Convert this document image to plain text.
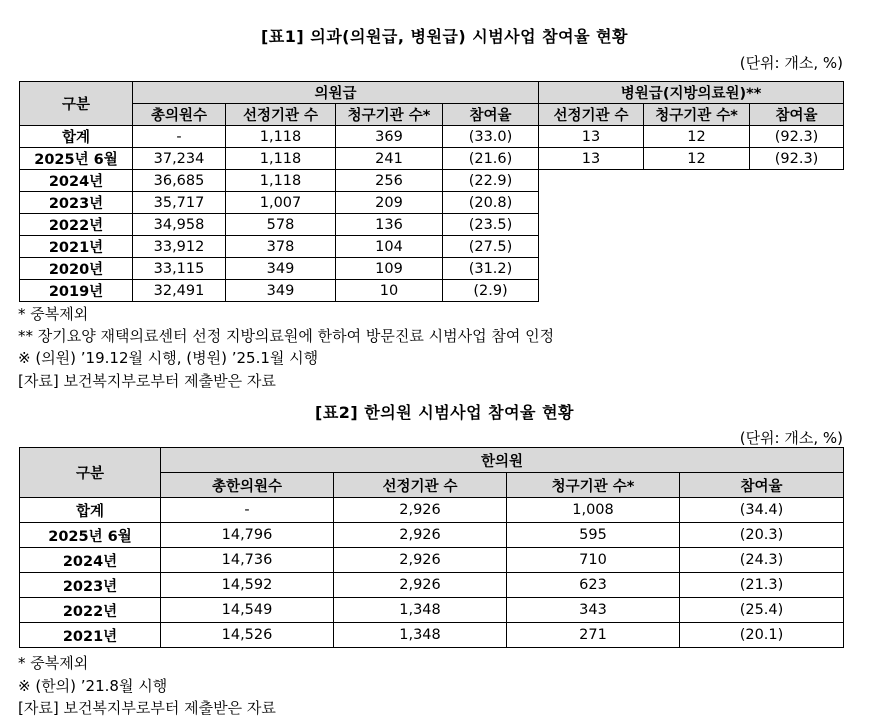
[표1] 의과(의원급, 병원급) 시범사업 참여율 현황
(단위: 개소, %)
구분	의원급				병원급(지방의료원)**		
	총의원수	선정기관 수	청구기관 수*	참여율	선정기관 수	청구기관 수*	참여율
합계	-	1,118	369	(33.0)	13	12	(92.3)
2025년 6월	37,234	1,118	241	(21.6)	13	12	(92.3)
2024년	36,685	1,118	256	(22.9)			
2023년	35,717	1,007	209	(20.8)			
2022년	34,958	578	136	(23.5)			
2021년	33,912	378	104	(27.5)			
2020년	33,115	349	109	(31.2)			
2019년	32,491	349	10	(2.9)			
* 중복제외
** 장기요양 재택의료센터 선정 지방의료원에 한하여 방문진료 시범사업 참여 인정
※ (의원) ’19.12월 시행, (병원) ’25.1월 시행
[자료] 보건복지부로부터 제출받은 자료
[표2] 한의원 시범사업 참여율 현황
(단위: 개소, %)
구분	한의원			
	총한의원수	선정기관 수	청구기관 수*	참여율
합계	-	2,926	1,008	(34.4)
2025년 6월	14,796	2,926	595	(20.3)
2024년	14,736	2,926	710	(24.3)
2023년	14,592	2,926	623	(21.3)
2022년	14,549	1,348	343	(25.4)
2021년	14,526	1,348	271	(20.1)
* 중복제외
※ (한의) ’21.8월 시행
[자료] 보건복지부로부터 제출받은 자료
